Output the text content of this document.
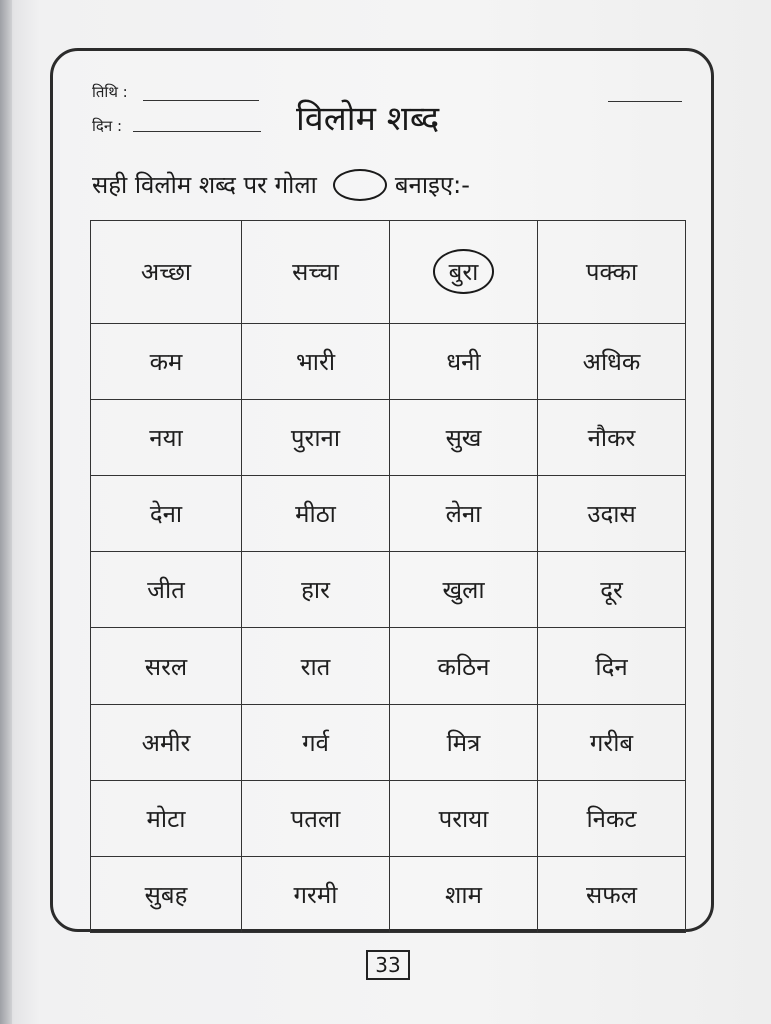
तिथि :
दिन :	विलोम शब्द
सही विलोम शब्द पर गोला	बनाइए:-
अच्छा	सच्चा	बुरा	पक्का
कम	भारी	धनी	अधिक
नया	पुराना	सुख	नौकर
देना	मीठा	लेना	उदास
जीत	हार	खुला	दूर
सरल	रात	कठिन	दिन
अमीर	गर्व	मित्र	गरीब
मोटा	पतला	पराया	निकट
सुबह	गरमी	शाम	सफल
33
